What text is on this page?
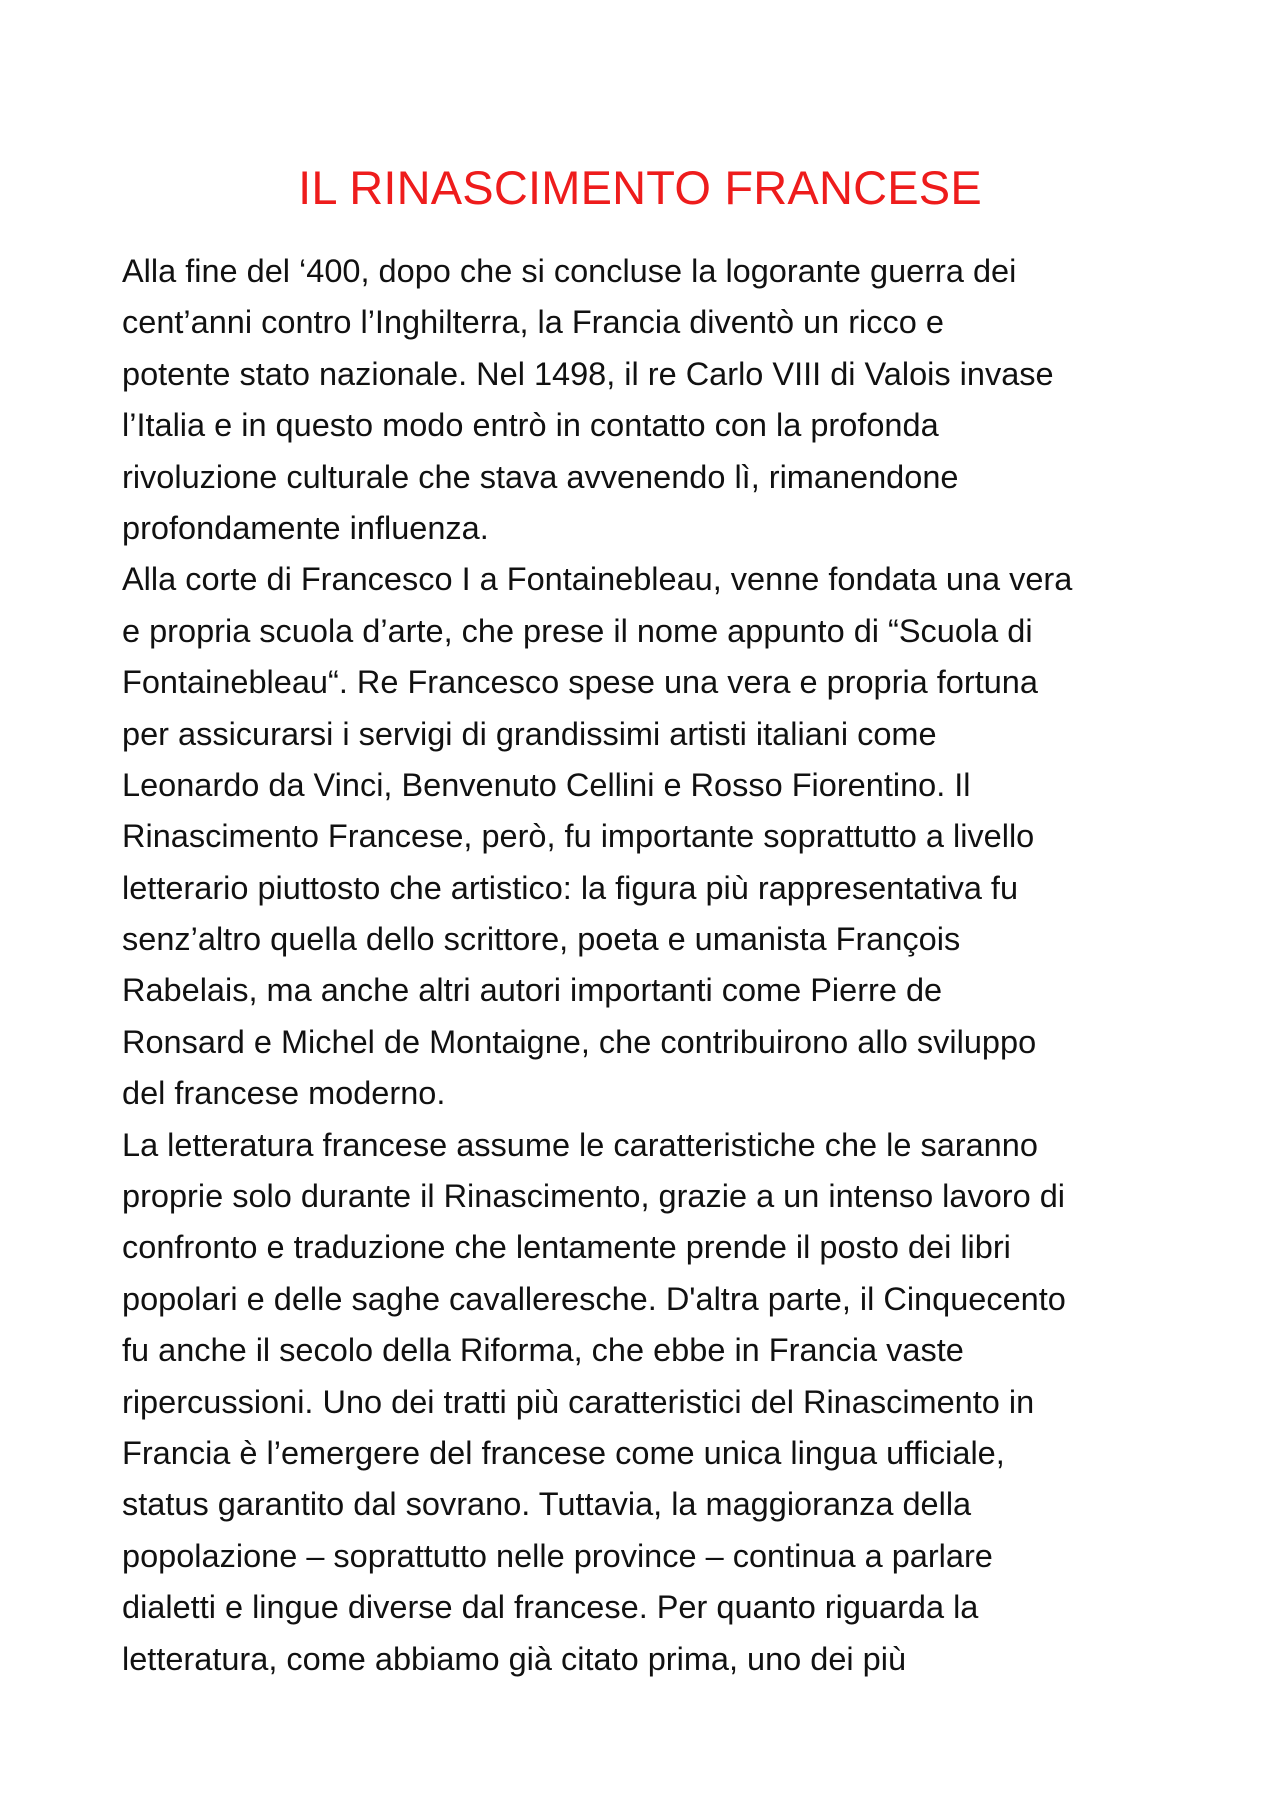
IL RINASCIMENTO FRANCESE
Alla fine del ‘400, dopo che si concluse la logorante guerra dei
cent’anni contro l’Inghilterra, la Francia diventò un ricco e
potente stato nazionale. Nel 1498, il re Carlo VIII di Valois invase
l’Italia e in questo modo entrò in contatto con la profonda
rivoluzione culturale che stava avvenendo lì, rimanendone
profondamente influenza.
Alla corte di Francesco I a Fontainebleau, venne fondata una vera
e propria scuola d’arte, che prese il nome appunto di “Scuola di
Fontainebleau“. Re Francesco spese una vera e propria fortuna
per assicurarsi i servigi di grandissimi artisti italiani come
Leonardo da Vinci, Benvenuto Cellini e Rosso Fiorentino. Il
Rinascimento Francese, però, fu importante soprattutto a livello
letterario piuttosto che artistico: la figura più rappresentativa fu
senz’altro quella dello scrittore, poeta e umanista François
Rabelais, ma anche altri autori importanti come Pierre de
Ronsard e Michel de Montaigne, che contribuirono allo sviluppo
del francese moderno.
La letteratura francese assume le caratteristiche che le saranno
proprie solo durante il Rinascimento, grazie a un intenso lavoro di
confronto e traduzione che lentamente prende il posto dei libri
popolari e delle saghe cavalleresche. D'altra parte, il Cinquecento
fu anche il secolo della Riforma, che ebbe in Francia vaste
ripercussioni. Uno dei tratti più caratteristici del Rinascimento in
Francia è l’emergere del francese come unica lingua ufficiale,
status garantito dal sovrano. Tuttavia, la maggioranza della
popolazione – soprattutto nelle province – continua a parlare
dialetti e lingue diverse dal francese. Per quanto riguarda la
letteratura, come abbiamo già citato prima, uno dei più
